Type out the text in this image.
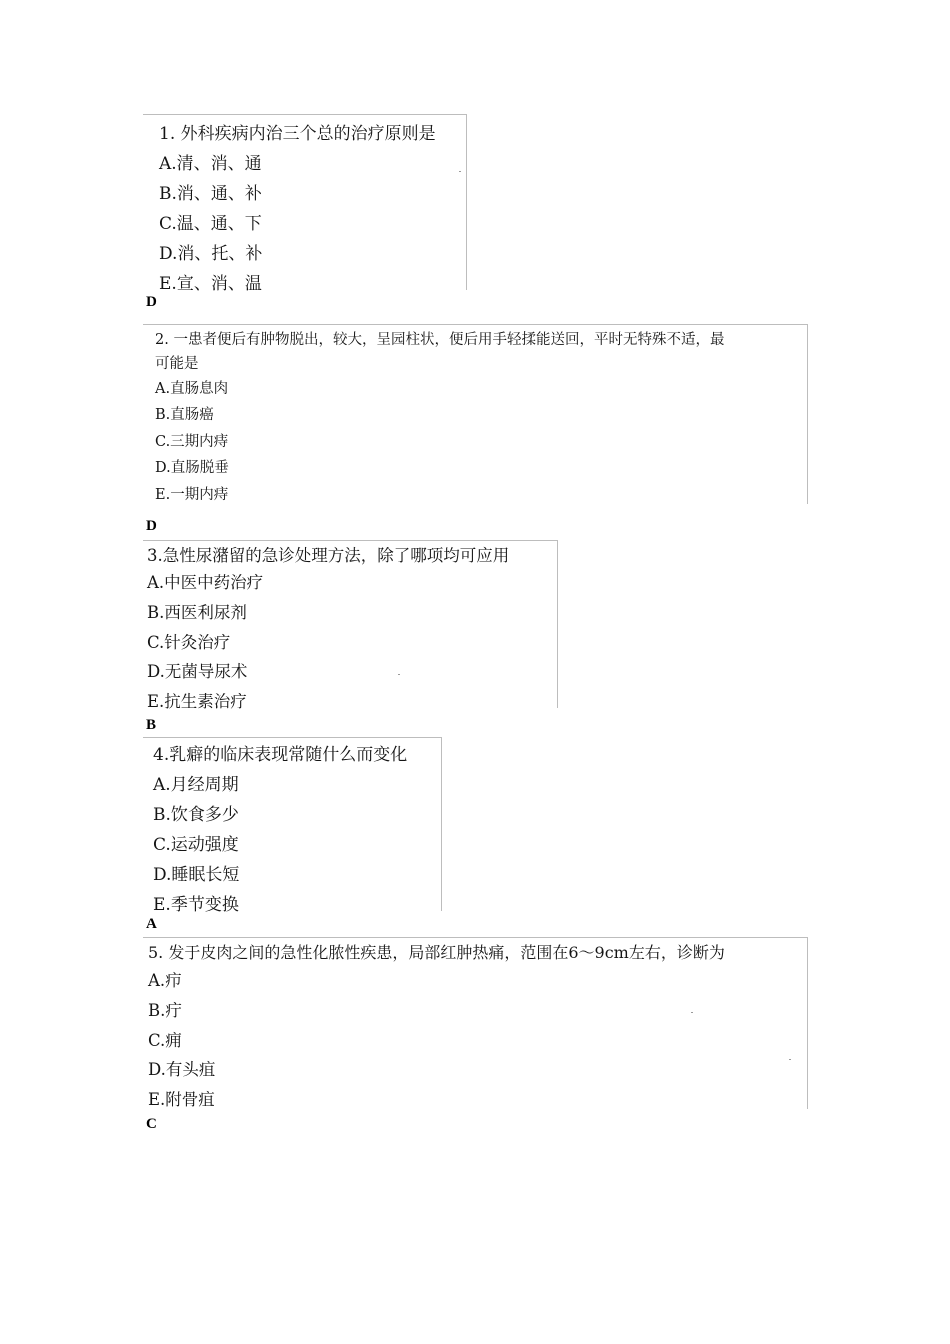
1. 外科疾病内治三个总的治疗原则是
A.清、消、通
B.消、通、补
C.温、通、下
D.消、托、补
E.宣、消、温
D
2. 一患者便后有肿物脱出，较大，呈园柱状，便后用手轻揉能送回，平时无特殊不适，最
可能是
A.直肠息肉
B.直肠癌
C.三期内痔
D.直肠脱垂
E.一期内痔
D
3.急性尿潴留的急诊处理方法，除了哪项均可应用
A.中医中药治疗
B.西医利尿剂
C.针灸治疗
D.无菌导尿术
E.抗生素治疗
B
4.乳癖的临床表现常随什么而变化
A.月经周期
B.饮食多少
C.运动强度
D.睡眠长短
E.季节变换
A
5. 发于皮肉之间的急性化脓性疾患，局部红肿热痛，范围在6～9cm左右，诊断为
A.疖
B.疔
C.痈
D.有头疽
E.附骨疽
C
